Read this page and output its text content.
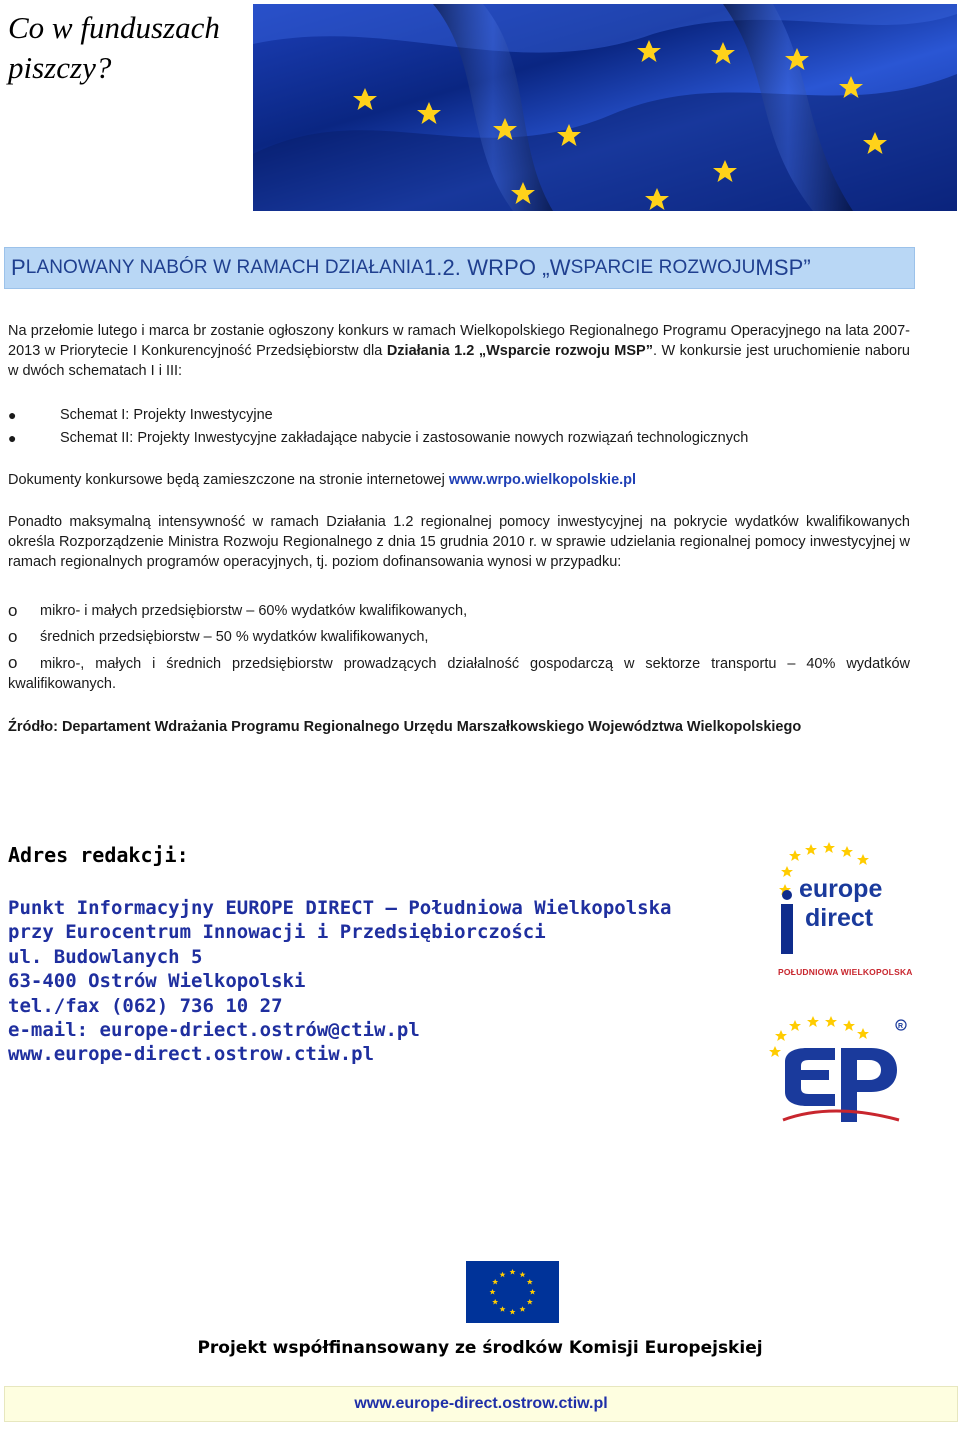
Co w funduszach
piszczy?
P LANOWANY NABÓR W RAMACH DZIAŁANIA 1.2. WRPO „W SPARCIE ROZWOJU MSP”
Na przełomie lutego i marca br zostanie ogłoszony konkurs w ramach Wielkopolskiego Regionalnego Programu Operacyjnego na lata 2007-2013 w Priorytecie I Konkurencyjność Przedsiębiorstw dla Działania 1.2 „Wsparcie rozwoju MSP”. W konkursie jest uruchomienie naboru w dwóch schematach I i III:
●	Schemat I: Projekty Inwestycyjne
●	Schemat II: Projekty Inwestycyjne zakładające nabycie i zastosowanie nowych rozwiązań technologicznych
Dokumenty konkursowe będą zamieszczone na stronie internetowej www.wrpo.wielkopolskie.pl
Ponadto maksymalną intensywność w ramach Działania 1.2 regionalnej pomocy inwestycyjnej na pokrycie wydatków kwalifikowanych określa Rozporządzenie Ministra Rozwoju Regionalnego z dnia 15 grudnia 2010 r. w sprawie udzielania regionalnej pomocy inwestycyjnej w ramach regionalnych programów operacyjnych, tj. poziom dofinansowania wynosi w przypadku:
o	mikro- i małych przedsiębiorstw – 60% wydatków kwalifikowanych,
o	średnich przedsiębiorstw – 50 % wydatków kwalifikowanych,
o mikro-, małych i średnich przedsiębiorstw prowadzących działalność gospodarczą w sektorze transportu – 40% wydatków kwalifikowanych.
Źródło: Departament Wdrażania Programu Regionalnego Urzędu Marszałkowskiego Województwa Wielkopolskiego
Adres redakcji:
Punkt Informacyjny EUROPE DIRECT – Południowa Wielkopolska
przy Eurocentrum Innowacji i Przedsiębiorczości
ul. Budowlanych 5
63-400 Ostrów Wielkopolski
tel./fax (062) 736 10 27
e-mail: europe-driect.ostrów@ctiw.pl
www.europe-direct.ostrow.ctiw.pl
europe
direct
POŁUDNIOWA WIELKOPOLSKA
R
Projekt współfinansowany ze środków Komisji Europejskiej
www.europe-direct.ostrow.ctiw.pl
